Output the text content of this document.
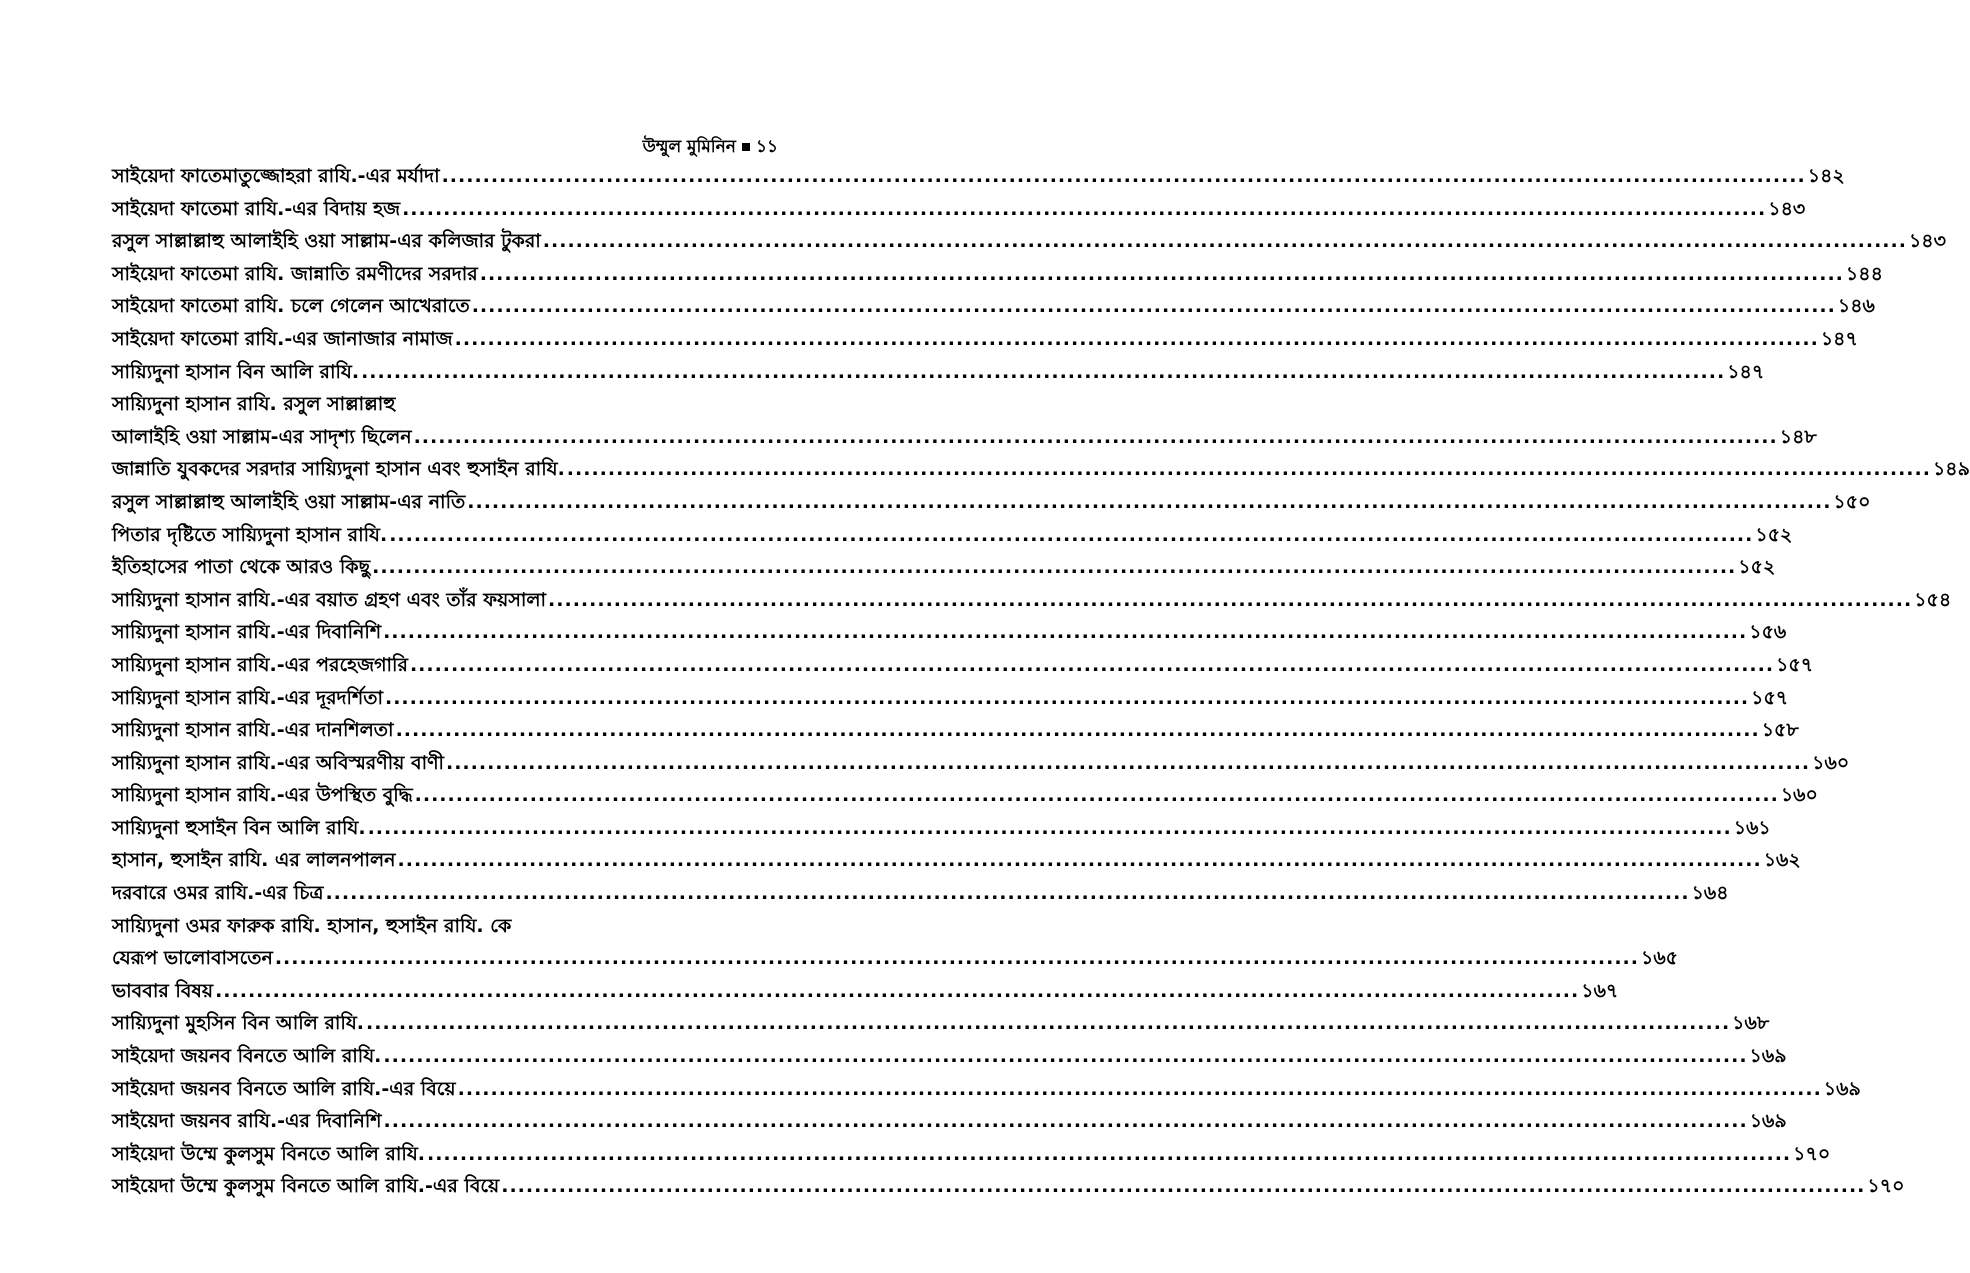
উম্মুল মুমিনিন ১১
সাইয়েদা ফাতেমাতুজ্জোহরা রাযি.-এর মর্যাদা .....	১৪২
সাইয়েদা ফাতেমা রাযি.-এর বিদায় হজ .....	১৪৩
রসুল সাল্লাল্লাহু আলাইহি ওয়া সাল্লাম-এর কলিজার টুকরা .....	১৪৩
সাইয়েদা ফাতেমা রাযি. জান্নাতি রমণীদের সরদার .....	১৪৪
সাইয়েদা ফাতেমা রাযি. চলে গেলেন আখেরাতে .....	১৪৬
সাইয়েদা ফাতেমা রাযি.-এর জানাজার নামাজ .....	১৪৭
সায়্যিদুনা হাসান বিন আলি রাযি. .....	১৪৭
সায়্যিদুনা হাসান রাযি. রসুল সাল্লাল্লাহু
আলাইহি ওয়া সাল্লাম-এর সাদৃশ্য ছিলেন .....	১৪৮
জান্নাতি যুবকদের সরদার সায়্যিদুনা হাসান এবং হুসাইন রাযি. .....	১৪৯
রসুল সাল্লাল্লাহু আলাইহি ওয়া সাল্লাম-এর নাতি .....	১৫০
পিতার দৃষ্টিতে সায়্যিদুনা হাসান রাযি. .....	১৫২
ইতিহাসের পাতা থেকে আরও কিছু .....	১৫২
সায়্যিদুনা হাসান রাযি.-এর বয়াত গ্রহণ এবং তাঁর ফয়সালা .....	১৫৪
সায়্যিদুনা হাসান রাযি.-এর দিবানিশি .....	১৫৬
সায়্যিদুনা হাসান রাযি.-এর পরহেজগারি .....	১৫৭
সায়্যিদুনা হাসান রাযি.-এর দূরদর্শিতা .....	১৫৭
সায়্যিদুনা হাসান রাযি.-এর দানশিলতা .....	১৫৮
সায়্যিদুনা হাসান রাযি.-এর অবিস্মরণীয় বাণী .....	১৬০
সায়্যিদুনা হাসান রাযি.-এর উপস্থিত বুদ্ধি .....	১৬০
সায়্যিদুনা হুসাইন বিন আলি রাযি. .....	১৬১
হাসান, হুসাইন রাযি. এর লালনপালন .....	১৬২
দরবারে ওমর রাযি.-এর চিত্র .....	১৬৪
সায়্যিদুনা ওমর ফারুক রাযি. হাসান, হুসাইন রাযি. কে
যেরূপ ভালোবাসতেন .....	১৬৫
ভাববার বিষয় .....	১৬৭
সায়্যিদুনা মুহসিন বিন আলি রাযি. .....	১৬৮
সাইয়েদা জয়নব বিনতে আলি রাযি. .....	১৬৯
সাইয়েদা জয়নব বিনতে আলি রাযি.-এর বিয়ে .....	১৬৯
সাইয়েদা জয়নব রাযি.-এর দিবানিশি .....	১৬৯
সাইয়েদা উম্মে কুলসুম বিনতে আলি রাযি. .....	১৭০
সাইয়েদা উম্মে কুলসুম বিনতে আলি রাযি.-এর বিয়ে .....	১৭০
